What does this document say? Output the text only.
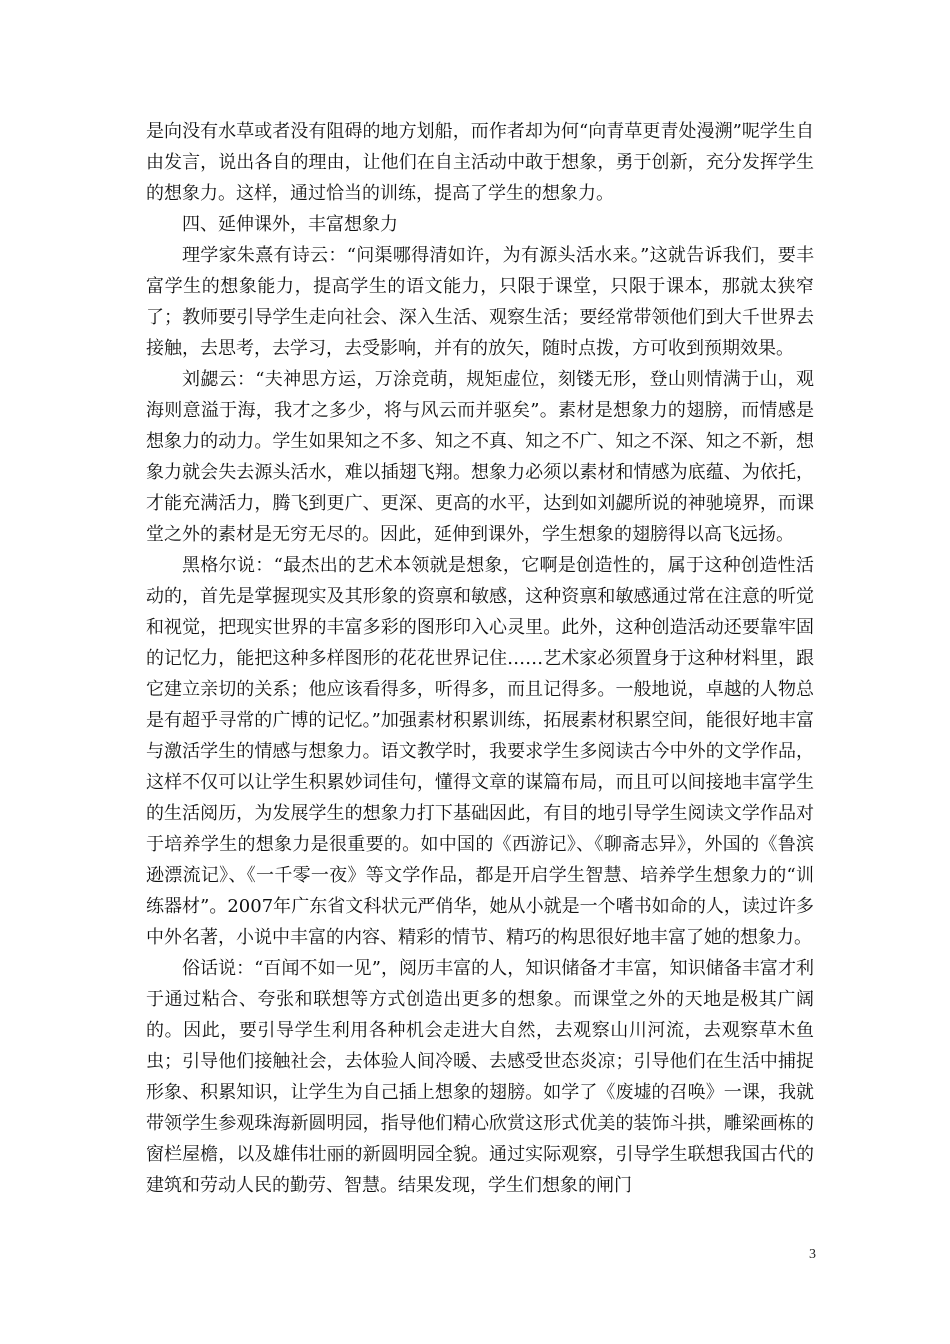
是向没有水草或者没有阻碍的地方划船，而作者却为何“向青草更青处漫溯”呢学生自由发言，说出各自的理由，让他们在自主活动中敢于想象，勇于创新，充分发挥学生的想象力。这样，通过恰当的训练，提高了学生的想象力。

四、延伸课外，丰富想象力

理学家朱熹有诗云：“问渠哪得清如许，为有源头活水来。”这就告诉我们，要丰富学生的想象能力，提高学生的语文能力，只限于课堂，只限于课本，那就太狭窄了；教师要引导学生走向社会、深入生活、观察生活；要经常带领他们到大千世界去接触，去思考，去学习，去受影响，并有的放矢，随时点拨，方可收到预期效果。

刘勰云：“夫神思方运，万涂竞萌，规矩虚位，刻镂无形，登山则情满于山，观海则意溢于海，我才之多少，将与风云而并驱矣”。素材是想象力的翅膀，而情感是想象力的动力。学生如果知之不多、知之不真、知之不广、知之不深、知之不新，想象力就会失去源头活水，难以插翅飞翔。想象力必须以素材和情感为底蕴、为依托，才能充满活力，腾飞到更广、更深、更高的水平，达到如刘勰所说的神驰境界，而课堂之外的素材是无穷无尽的。因此，延伸到课外，学生想象的翅膀得以高飞远扬。

黑格尔说：“最杰出的艺术本领就是想象，它啊是创造性的，属于这种创造性活动的，首先是掌握现实及其形象的资禀和敏感，这种资禀和敏感通过常在注意的听觉和视觉，把现实世界的丰富多彩的图形印入心灵里。此外，这种创造活动还要靠牢固的记忆力，能把这种多样图形的花花世界记住……艺术家必须置身于这种材料里，跟它建立亲切的关系；他应该看得多，听得多，而且记得多。一般地说，卓越的人物总是有超乎寻常的广博的记忆。”加强素材积累训练，拓展素材积累空间，能很好地丰富与激活学生的情感与想象力。语文教学时，我要求学生多阅读古今中外的文学作品，这样不仅可以让学生积累妙词佳句，懂得文章的谋篇布局，而且可以间接地丰富学生的生活阅历，为发展学生的想象力打下基础因此，有目的地引导学生阅读文学作品对于培养学生的想象力是很重要的。如中国的《西游记》、《聊斋志异》，外国的《鲁滨逊漂流记》、《一千零一夜》等文学作品，都是开启学生智慧、培养学生想象力的“训练器材”。2007年广东省文科状元严俏华，她从小就是一个嗜书如命的人，读过许多中外名著，小说中丰富的内容、精彩的情节、精巧的构思很好地丰富了她的想象力。

俗话说：“百闻不如一见”，阅历丰富的人，知识储备才丰富，知识储备丰富才利于通过粘合、夸张和联想等方式创造出更多的想象。而课堂之外的天地是极其广阔的。因此，要引导学生利用各种机会走进大自然，去观察山川河流，去观察草木鱼虫；引导他们接触社会，去体验人间冷暖、去感受世态炎凉；引导他们在生活中捕捉形象、积累知识，让学生为自己插上想象的翅膀。如学了《废墟的召唤》一课，我就带领学生参观珠海新圆明园，指导他们精心欣赏这形式优美的装饰斗拱，雕梁画栋的窗栏屋檐，以及雄伟壮丽的新圆明园全貌。通过实际观察，引导学生联想我国古代的建筑和劳动人民的勤劳、智慧。结果发现，学生们想象的闸门

3
